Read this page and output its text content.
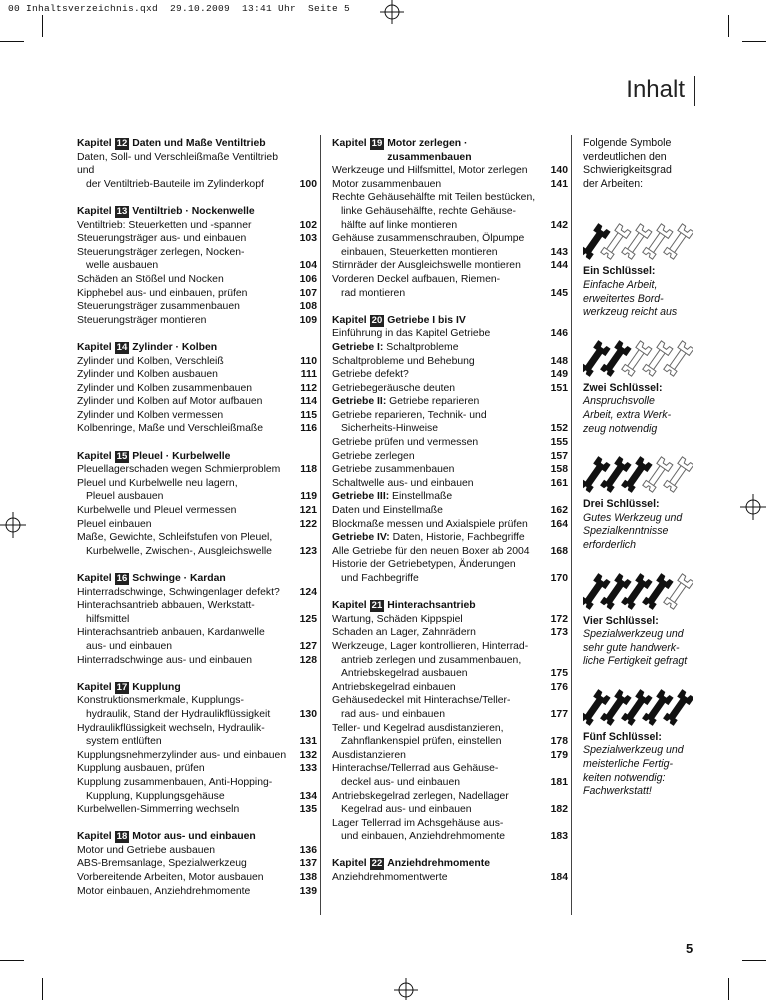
00 Inhaltsverzeichnis.qxd  29.10.2009  13:41 Uhr  Seite 5
Inhalt
Kapitel 12 Daten und Maße Ventiltrieb
Daten, Soll- und Verschleißmaße Ventiltrieb und
der Ventiltrieb-Bauteile im Zylinderkopf	100
Kapitel 13 Ventiltrieb · Nockenwelle
Ventiltrieb: Steuerketten und -spanner	102
Steuerungsträger aus- und einbauen	103
Steuerungsträger zerlegen, Nocken-
welle ausbauen	104
Schäden an Stößel und Nocken	106
Kipphebel aus- und einbauen, prüfen	107
Steuerungsträger zusammenbauen	108
Steuerungsträger montieren	109
Kapitel 14 Zylinder · Kolben
Zylinder und Kolben, Verschleiß	110
Zylinder und Kolben ausbauen	111
Zylinder und Kolben zusammenbauen	112
Zylinder und Kolben auf Motor aufbauen	114
Zylinder und Kolben vermessen	115
Kolbenringe, Maße und Verschleißmaße	116
Kapitel 15 Pleuel · Kurbelwelle
Pleuellagerschaden wegen Schmierproblem	118
Pleuel und Kurbelwelle neu lagern,
Pleuel ausbauen	119
Kurbelwelle und Pleuel vermessen	121
Pleuel einbauen	122
Maße, Gewichte, Schleifstufen von Pleuel,
Kurbelwelle, Zwischen-, Ausgleichswelle	123
Kapitel 16 Schwinge · Kardan
Hinterradschwinge, Schwingenlager defekt?	124
Hinterachsantrieb abbauen, Werkstatt-
hilfsmittel	125
Hinterachsantrieb anbauen, Kardanwelle
aus- und einbauen	127
Hinterradschwinge aus- und einbauen	128
Kapitel 17 Kupplung
Konstruktionsmerkmale, Kupplungs-
hydraulik, Stand der Hydraulikflüssigkeit	130
Hydraulikflüssigkeit wechseln, Hydraulik-
system entlüften	131
Kupplungsnehmerzylinder aus- und einbauen	132
Kupplung ausbauen, prüfen	133
Kupplung zusammenbauen, Anti-Hopping-
Kupplung, Kupplungsgehäuse	134
Kurbelwellen-Simmerring wechseln	135
Kapitel 18 Motor aus- und einbauen
Motor und Getriebe ausbauen	136
ABS-Bremsanlage, Spezialwerkzeug	137
Vorbereitende Arbeiten, Motor ausbauen	138
Motor einbauen, Anziehdrehmomente	139
Kapitel 19 Motor zerlegen ·
zusammenbauen
Werkzeuge und Hilfsmittel, Motor zerlegen	140
Motor zusammenbauen	141
Rechte Gehäusehälfte mit Teilen bestücken,
linke Gehäusehälfte, rechte Gehäuse-
hälfte auf linke montieren	142
Gehäuse zusammenschrauben, Ölpumpe
einbauen, Steuerketten montieren	143
Stirnräder der Ausgleichswelle montieren	144
Vorderen Deckel aufbauen, Riemen-
rad montieren	145
Kapitel 20 Getriebe I bis IV
Einführung in das Kapitel Getriebe	146
Getriebe I: Schaltprobleme
Schaltprobleme und Behebung	148
Getriebe defekt?	149
Getriebegeräusche deuten	151
Getriebe II: Getriebe reparieren
Getriebe reparieren, Technik- und
Sicherheits-Hinweise	152
Getriebe prüfen und vermessen	155
Getriebe zerlegen	157
Getriebe zusammenbauen	158
Schaltwelle aus- und einbauen	161
Getriebe III: Einstellmaße
Daten und Einstellmaße	162
Blockmaße messen und Axialspiele prüfen	164
Getriebe IV: Daten, Historie, Fachbegriffe
Alle Getriebe für den neuen Boxer ab 2004	168
Historie der Getriebetypen, Änderungen
und Fachbegriffe	170
Kapitel 21 Hinterachsantrieb
Wartung, Schäden Kippspiel	172
Schaden an Lager, Zahnrädern	173
Werkzeuge, Lager kontrollieren, Hinterrad-
antrieb zerlegen und zusammenbauen,
Antriebskegelrad ausbauen	175
Antriebskegelrad einbauen	176
Gehäusedeckel mit Hinterachse/Teller-
rad aus- und einbauen	177
Teller- und Kegelrad ausdistanzieren,
Zahnflankenspiel prüfen, einstellen	178
Ausdistanzieren	179
Hinterachse/Tellerrad aus Gehäuse-
deckel aus- und einbauen	181
Antriebskegelrad zerlegen, Nadellager
Kegelrad aus- und einbauen	182
Lager Tellerrad im Achsgehäuse aus-
und einbauen, Anziehdrehmomente	183
Kapitel 22 Anziehdrehmomente
Anziehdrehmomentwerte	184
Folgende Symbole
verdeutlichen den
Schwierigkeitsgrad
der Arbeiten:
Ein Schlüssel:
Einfache Arbeit,
erweitertes Bord-
werkzeug reicht aus
Zwei Schlüssel:
Anspruchsvolle
Arbeit, extra Werk-
zeug notwendig
Drei Schlüssel:
Gutes Werkzeug und
Spezialkenntnisse
erforderlich
Vier Schlüssel:
Spezialwerkzeug und
sehr gute handwerk-
liche Fertigkeit gefragt
Fünf Schlüssel:
Spezialwerkzeug und
meisterliche Fertig-
keiten notwendig:
Fachwerkstatt!
5
